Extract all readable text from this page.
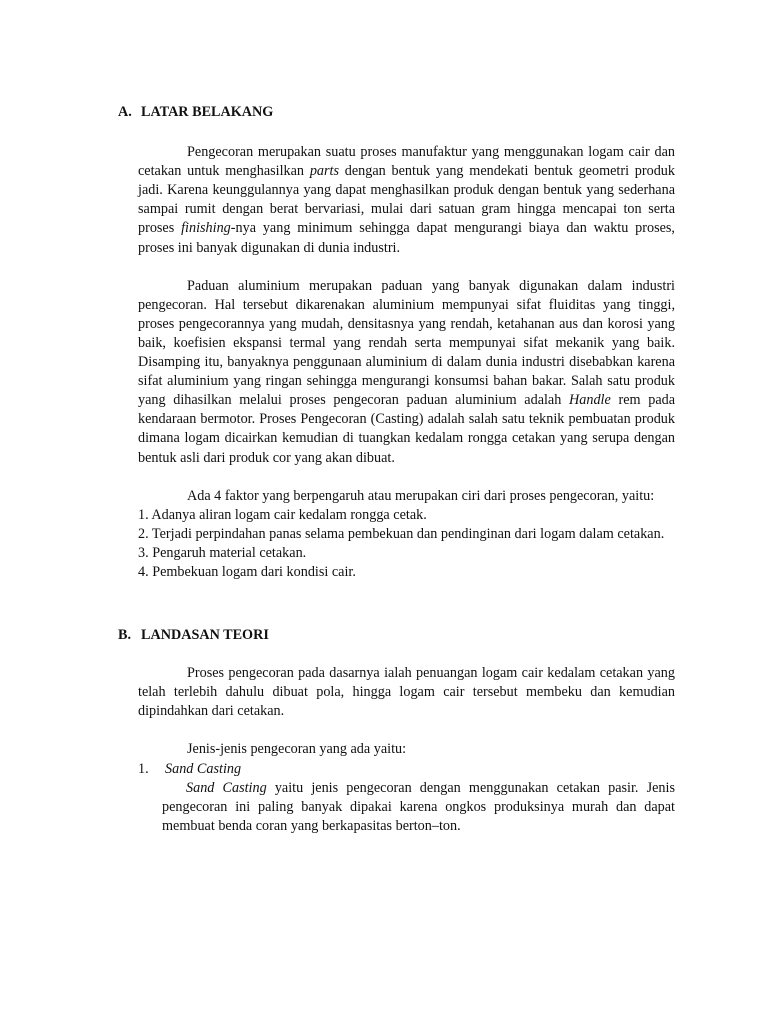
A. LATAR BELAKANG

Pengecoran merupakan suatu proses manufaktur yang menggunakan logam cair dan cetakan untuk menghasilkan parts dengan bentuk yang mendekati bentuk geometri produk jadi. Karena keunggulannya yang dapat menghasilkan produk dengan bentuk yang sederhana sampai rumit dengan berat bervariasi, mulai dari satuan gram hingga mencapai ton serta proses finishing-nya yang minimum sehingga dapat mengurangi biaya dan waktu proses, proses ini banyak digunakan di dunia industri.

Paduan aluminium merupakan paduan yang banyak digunakan dalam industri pengecoran. Hal tersebut dikarenakan aluminium mempunyai sifat fluiditas yang tinggi, proses pengecorannya yang mudah, densitasnya yang rendah, ketahanan aus dan korosi yang baik, koefisien ekspansi termal yang rendah serta mempunyai sifat mekanik yang baik. Disamping itu, banyaknya penggunaan aluminium di dalam dunia industri disebabkan karena sifat aluminium yang ringan sehingga mengurangi konsumsi bahan bakar. Salah satu produk yang dihasilkan melalui proses pengecoran paduan aluminium adalah Handle rem pada kendaraan bermotor. Proses Pengecoran (Casting) adalah salah satu teknik pembuatan produk dimana logam dicairkan kemudian di tuangkan kedalam rongga cetakan yang serupa dengan bentuk asli dari produk cor yang akan dibuat.

Ada 4 faktor yang berpengaruh atau merupakan ciri dari proses pengecoran, yaitu:

1. Adanya aliran logam cair kedalam rongga cetak.

2. Terjadi perpindahan panas selama pembekuan dan pendinginan dari logam dalam cetakan.

3. Pengaruh material cetakan.

4. Pembekuan logam dari kondisi cair.

B. LANDASAN TEORI

Proses pengecoran pada dasarnya ialah penuangan logam cair kedalam cetakan yang telah terlebih dahulu dibuat pola, hingga logam cair tersebut membeku dan kemudian dipindahkan dari cetakan.

Jenis-jenis pengecoran yang ada yaitu:

1.	Sand Casting

Sand Casting yaitu jenis pengecoran dengan menggunakan cetakan pasir. Jenis pengecoran ini paling banyak dipakai karena ongkos produksinya murah dan dapat membuat benda coran yang berkapasitas berton–ton.
